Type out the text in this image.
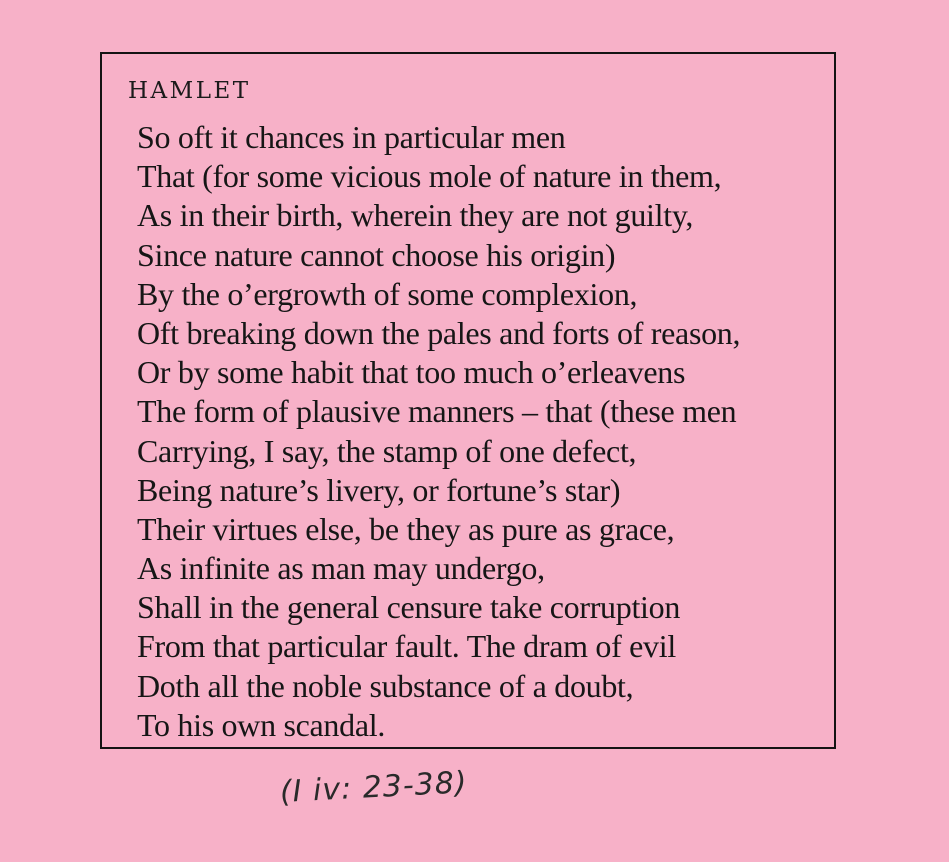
HAMLET
So oft it chances in particular men
That (for some vicious mole of nature in them,
As in their birth, wherein they are not guilty,
Since nature cannot choose his origin)
By the o’ergrowth of some complexion,
Oft breaking down the pales and forts of reason,
Or by some habit that too much o’erleavens
The form of plausive manners – that (these men
Carrying, I say, the stamp of one defect,
Being nature’s livery, or fortune’s star)
Their virtues else, be they as pure as grace,
As infinite as man may undergo,
Shall in the general censure take corruption
From that particular fault. The dram of evil
Doth all the noble substance of a doubt,
To his own scandal.
(I iv: 23-38)
